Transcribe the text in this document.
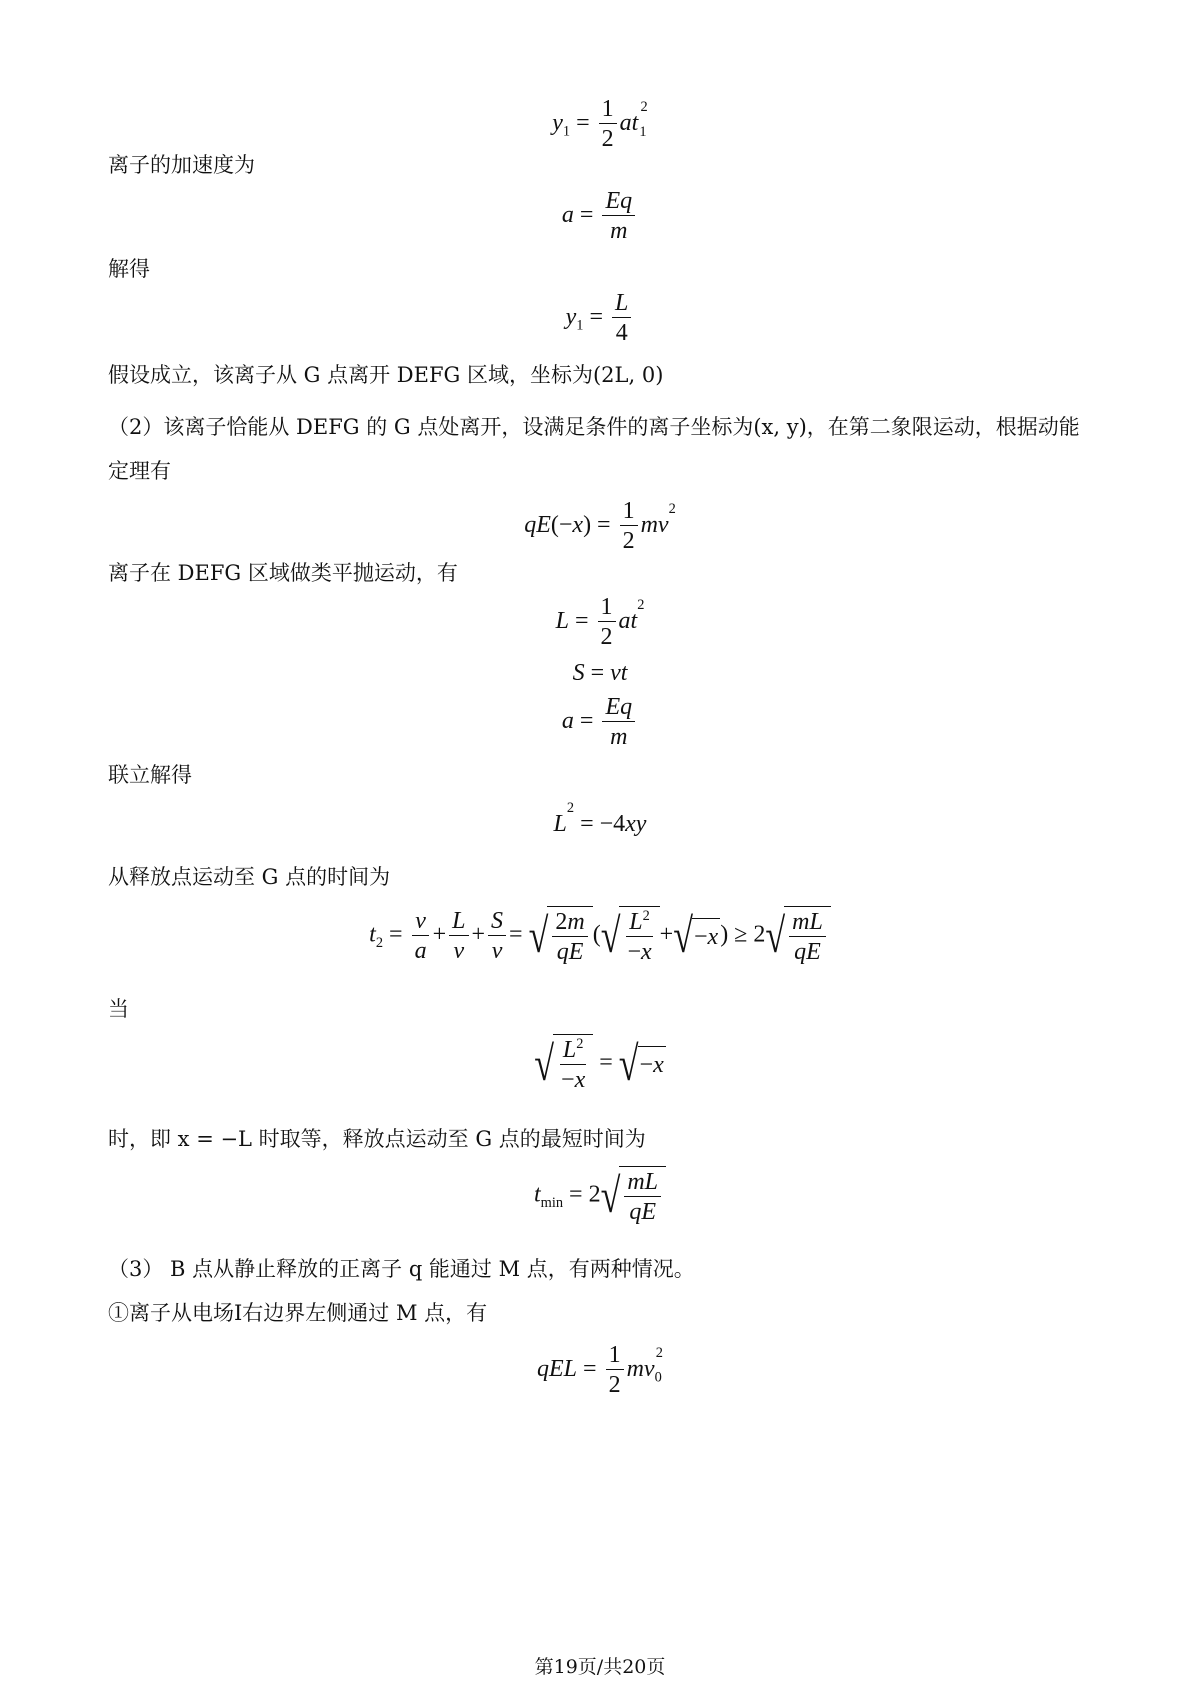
$y_1 = \frac{1}{2} at_1^2$
离子的加速度为
$a = \frac{Eq}{m}$
解得
$y_1 = \frac{L}{4}$
假设成立，该离子从 G 点离开 DEFG 区域，坐标为(2L, 0)
（2）该离子恰能从 DEFG 的 G 点处离开，设满足条件的离子坐标为(x, y)，在第二象限运动，根据动能
定理有
$qE(-x) = \frac{1}{2} mv^2$
离子在 DEFG 区域做类平抛运动，有
$L = \frac{1}{2} at^2$
S = vt
$a = \frac{Eq}{m}$
联立解得
$L^2 = -4xy$
从释放点运动至 G 点的时间为
$t_2 = \frac{v}{a} + \frac{L}{v} + \frac{S}{v}$ = √ $\frac{2m}{qE}$ ( √ $\frac{L^2}{-x}$ + √ − x ) ≥ 2 √ $\frac{mL}{qE}$
当
√ $\frac{L^2}{-x}$ = √ − x
时，即 x = −L 时取等，释放点运动至 G 点的最短时间为
$t_{min} = 2$ √ $\frac{mL}{qE}$
（3） B 点从静止释放的正离子 q 能通过 M 点，有两种情况。
①离子从电场I右边界左侧通过 M 点，有
qEL = $\frac{1}{2} mv_0^2$
第19页/共20页
